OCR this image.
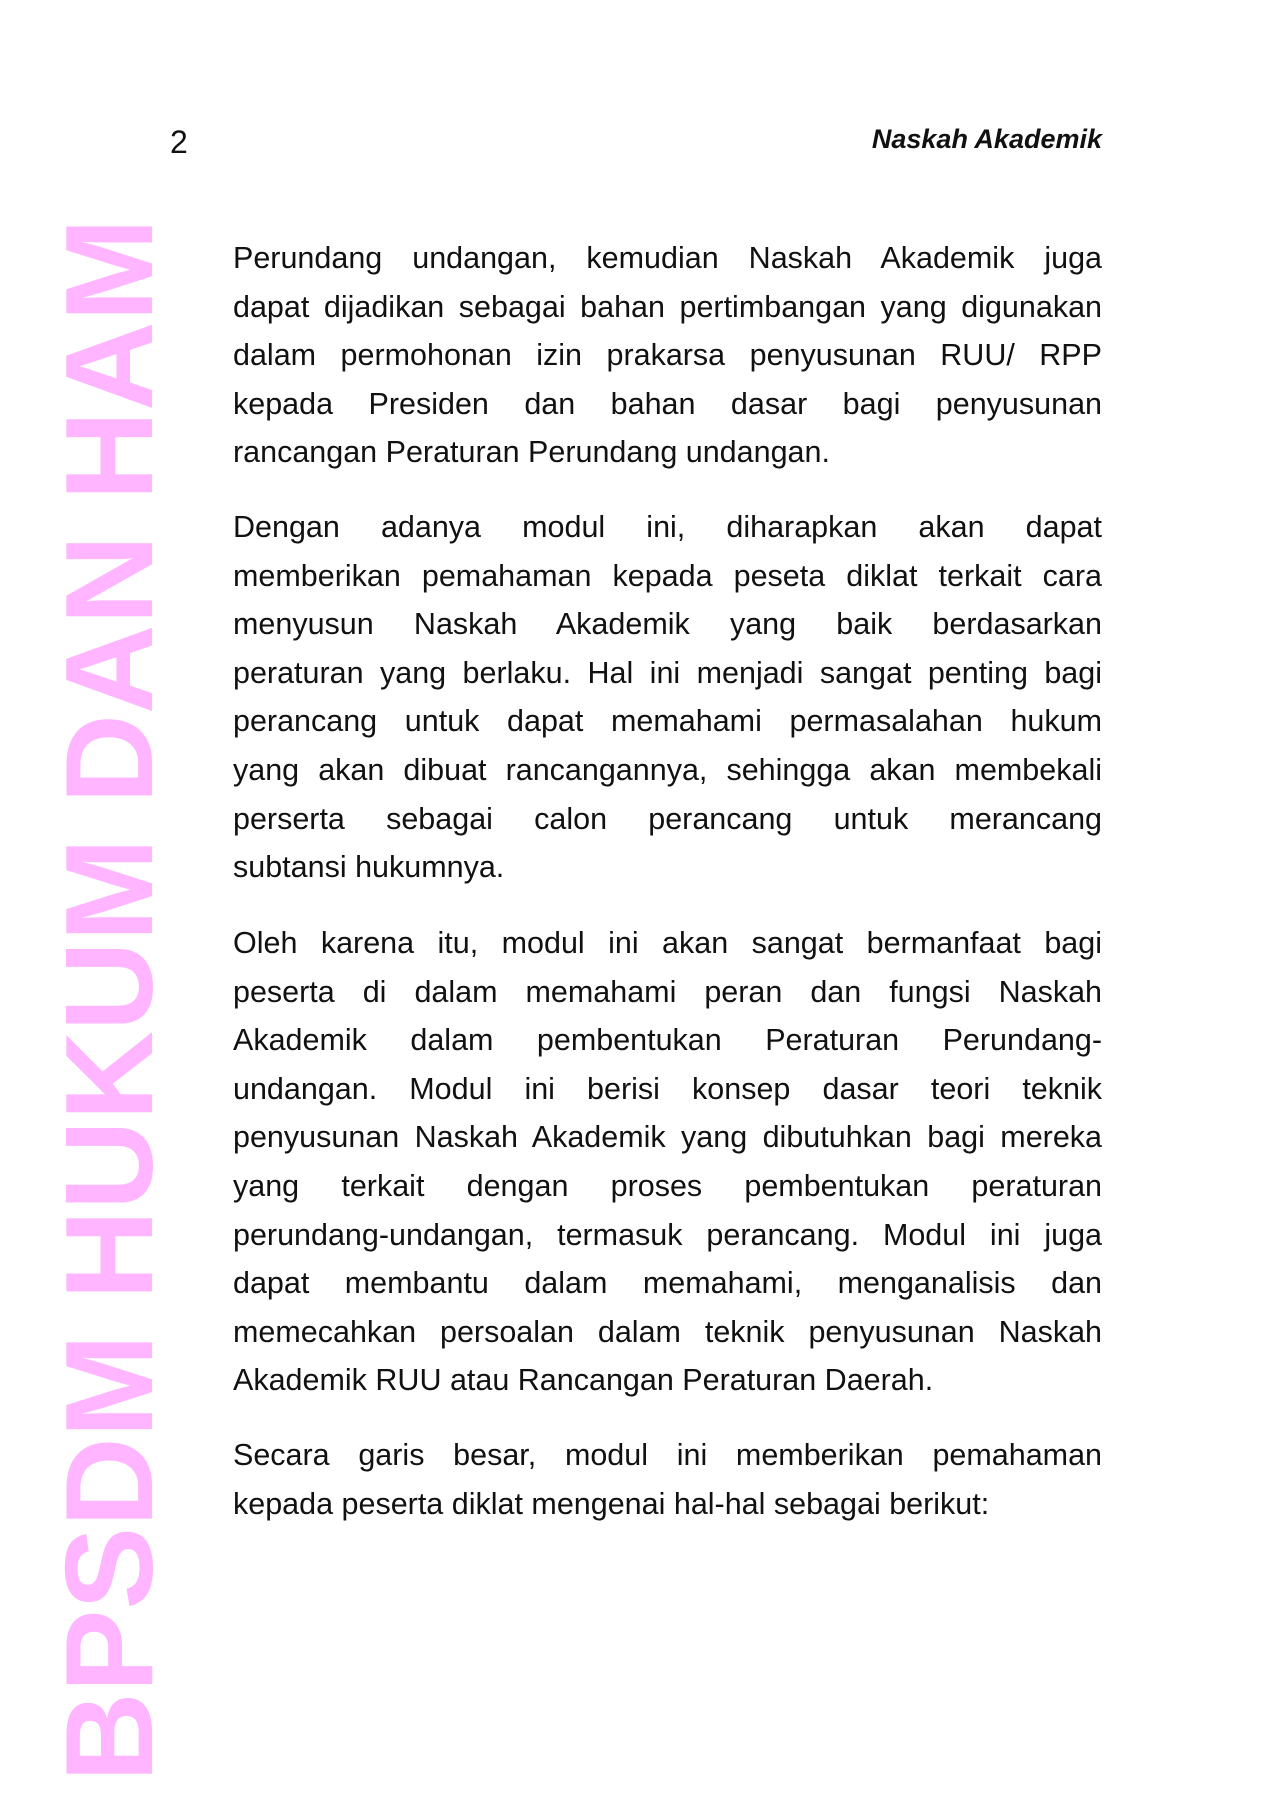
2	Naskah Akademik
Perundang undangan, kemudian Naskah Akademik juga
dapat dijadikan sebagai bahan pertimbangan yang digunakan
dalam permohonan izin prakarsa penyusunan RUU/ RPP
kepada Presiden dan bahan dasar bagi penyusunan
rancangan Peraturan Perundang undangan.
Dengan adanya modul ini, diharapkan akan dapat
memberikan pemahaman kepada peseta diklat terkait cara
menyusun Naskah Akademik yang baik berdasarkan
peraturan yang berlaku. Hal ini menjadi sangat penting bagi
perancang untuk dapat memahami permasalahan hukum
yang akan dibuat rancangannya, sehingga akan membekali
perserta sebagai calon perancang untuk merancang
subtansi hukumnya.
Oleh karena itu, modul ini akan sangat bermanfaat bagi
peserta di dalam memahami peran dan fungsi Naskah
Akademik dalam pembentukan Peraturan Perundang-
undangan. Modul ini berisi konsep dasar teori teknik
penyusunan Naskah Akademik yang dibutuhkan bagi mereka
yang terkait dengan proses pembentukan peraturan
perundang-undangan, termasuk perancang. Modul ini juga
dapat membantu dalam memahami, menganalisis dan
memecahkan persoalan dalam teknik penyusunan Naskah
Akademik RUU atau Rancangan Peraturan Daerah.
Secara garis besar, modul ini memberikan pemahaman
kepada peserta diklat mengenai hal-hal sebagai berikut:
BPSDM HUKUM DAN HAM
